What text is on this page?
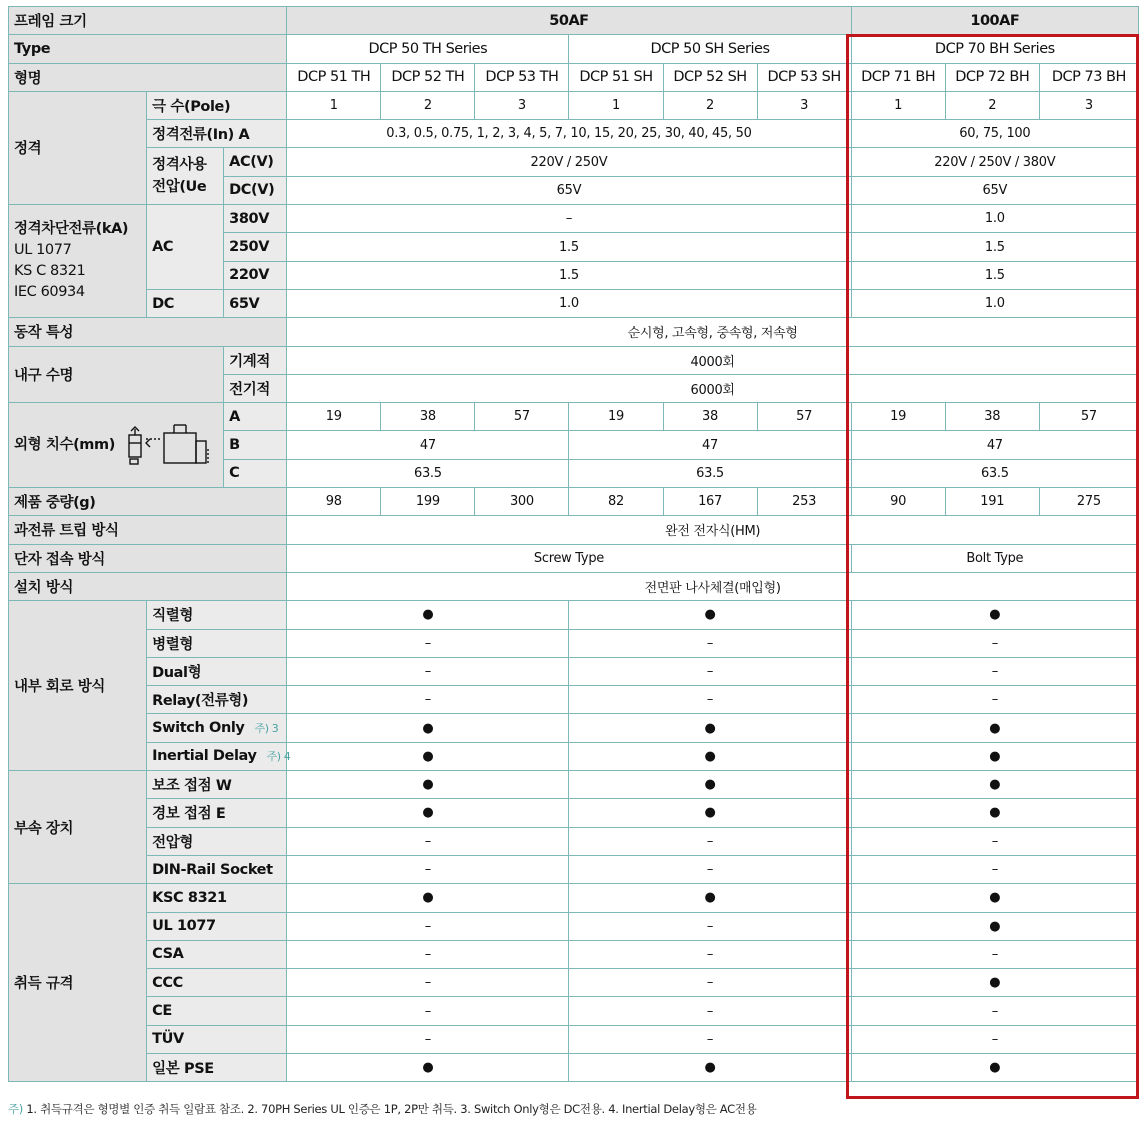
프레임 크기			50AF						100AF		
Type			DCP 50 TH Series			DCP 50 SH Series			DCP 70 BH Series		
형명			DCP 51 TH	DCP 52 TH	DCP 53 TH	DCP 51 SH	DCP 52 SH	DCP 53 SH	DCP 71 BH	DCP 72 BH	DCP 73 BH
정격	극 수(Pole)		1	2	3	1	2	3	1	2	3
	정격전류(In) A		0.3, 0.5, 0.75, 1, 2, 3, 4, 5, 7, 10, 15, 20, 25, 30, 40, 45, 50						60, 75, 100		
	정격사용 전압(Ue	AC(V)	220V / 250V						220V / 250V / 380V		
		DC(V)	65V						65V		

정격차단전류(kA)
UL 1077
KS C 8321
IEC 60934	AC	380V	–						1.0		
		250V	1.5						1.5		
		220V	1.5						1.5		
	DC	65V	1.0						1.0		
동작 특성			순시형, 고속형, 중속형, 저속형								
내구 수명		기계적	4000회								
		전기적	6000회								
외형 치수(mm)		A	19	38	57	19	38	57	19	38	57
		B	47			47			47		
		C	63.5			63.5			63.5		
제품 중량(g)			98	199	300	82	167	253	90	191	275
과전류 트립 방식			완전 전자식(HM)								
단자 접속 방식			Screw Type						Bolt Type		
설치 방식			전면판 나사체결(매입형)								
내부 회로 방식	직렬형		●			●			●		
	병렬형		–			–			–		
	Dual형		–			–			–		
	Relay(전류형)		–			–			–		
	Switch Only 주) 3		●			●			●		
	Inertial Delay 주) 4		●			●			●		
부속 장치	보조 접점 W		●			●			●		
	경보 접점 E		●			●			●		
	전압형		–			–			–		
	DIN-Rail Socket		–			–			–		
취득 규격	KSC 8321		●			●			●		
	UL 1077		–			–			●		
	CSA		–			–			–		
	CCC		–			–			●		
	CE		–			–			–		
	TÜV		–			–			–		
	일본 PSE		●			●			●		
주) 1. 취득규격은 형명별 인증 취득 일람표 참조. 2. 70PH Series UL 인증은 1P, 2P만 취득. 3. Switch Only형은 DC전용. 4. Inertial Delay형은 AC전용
